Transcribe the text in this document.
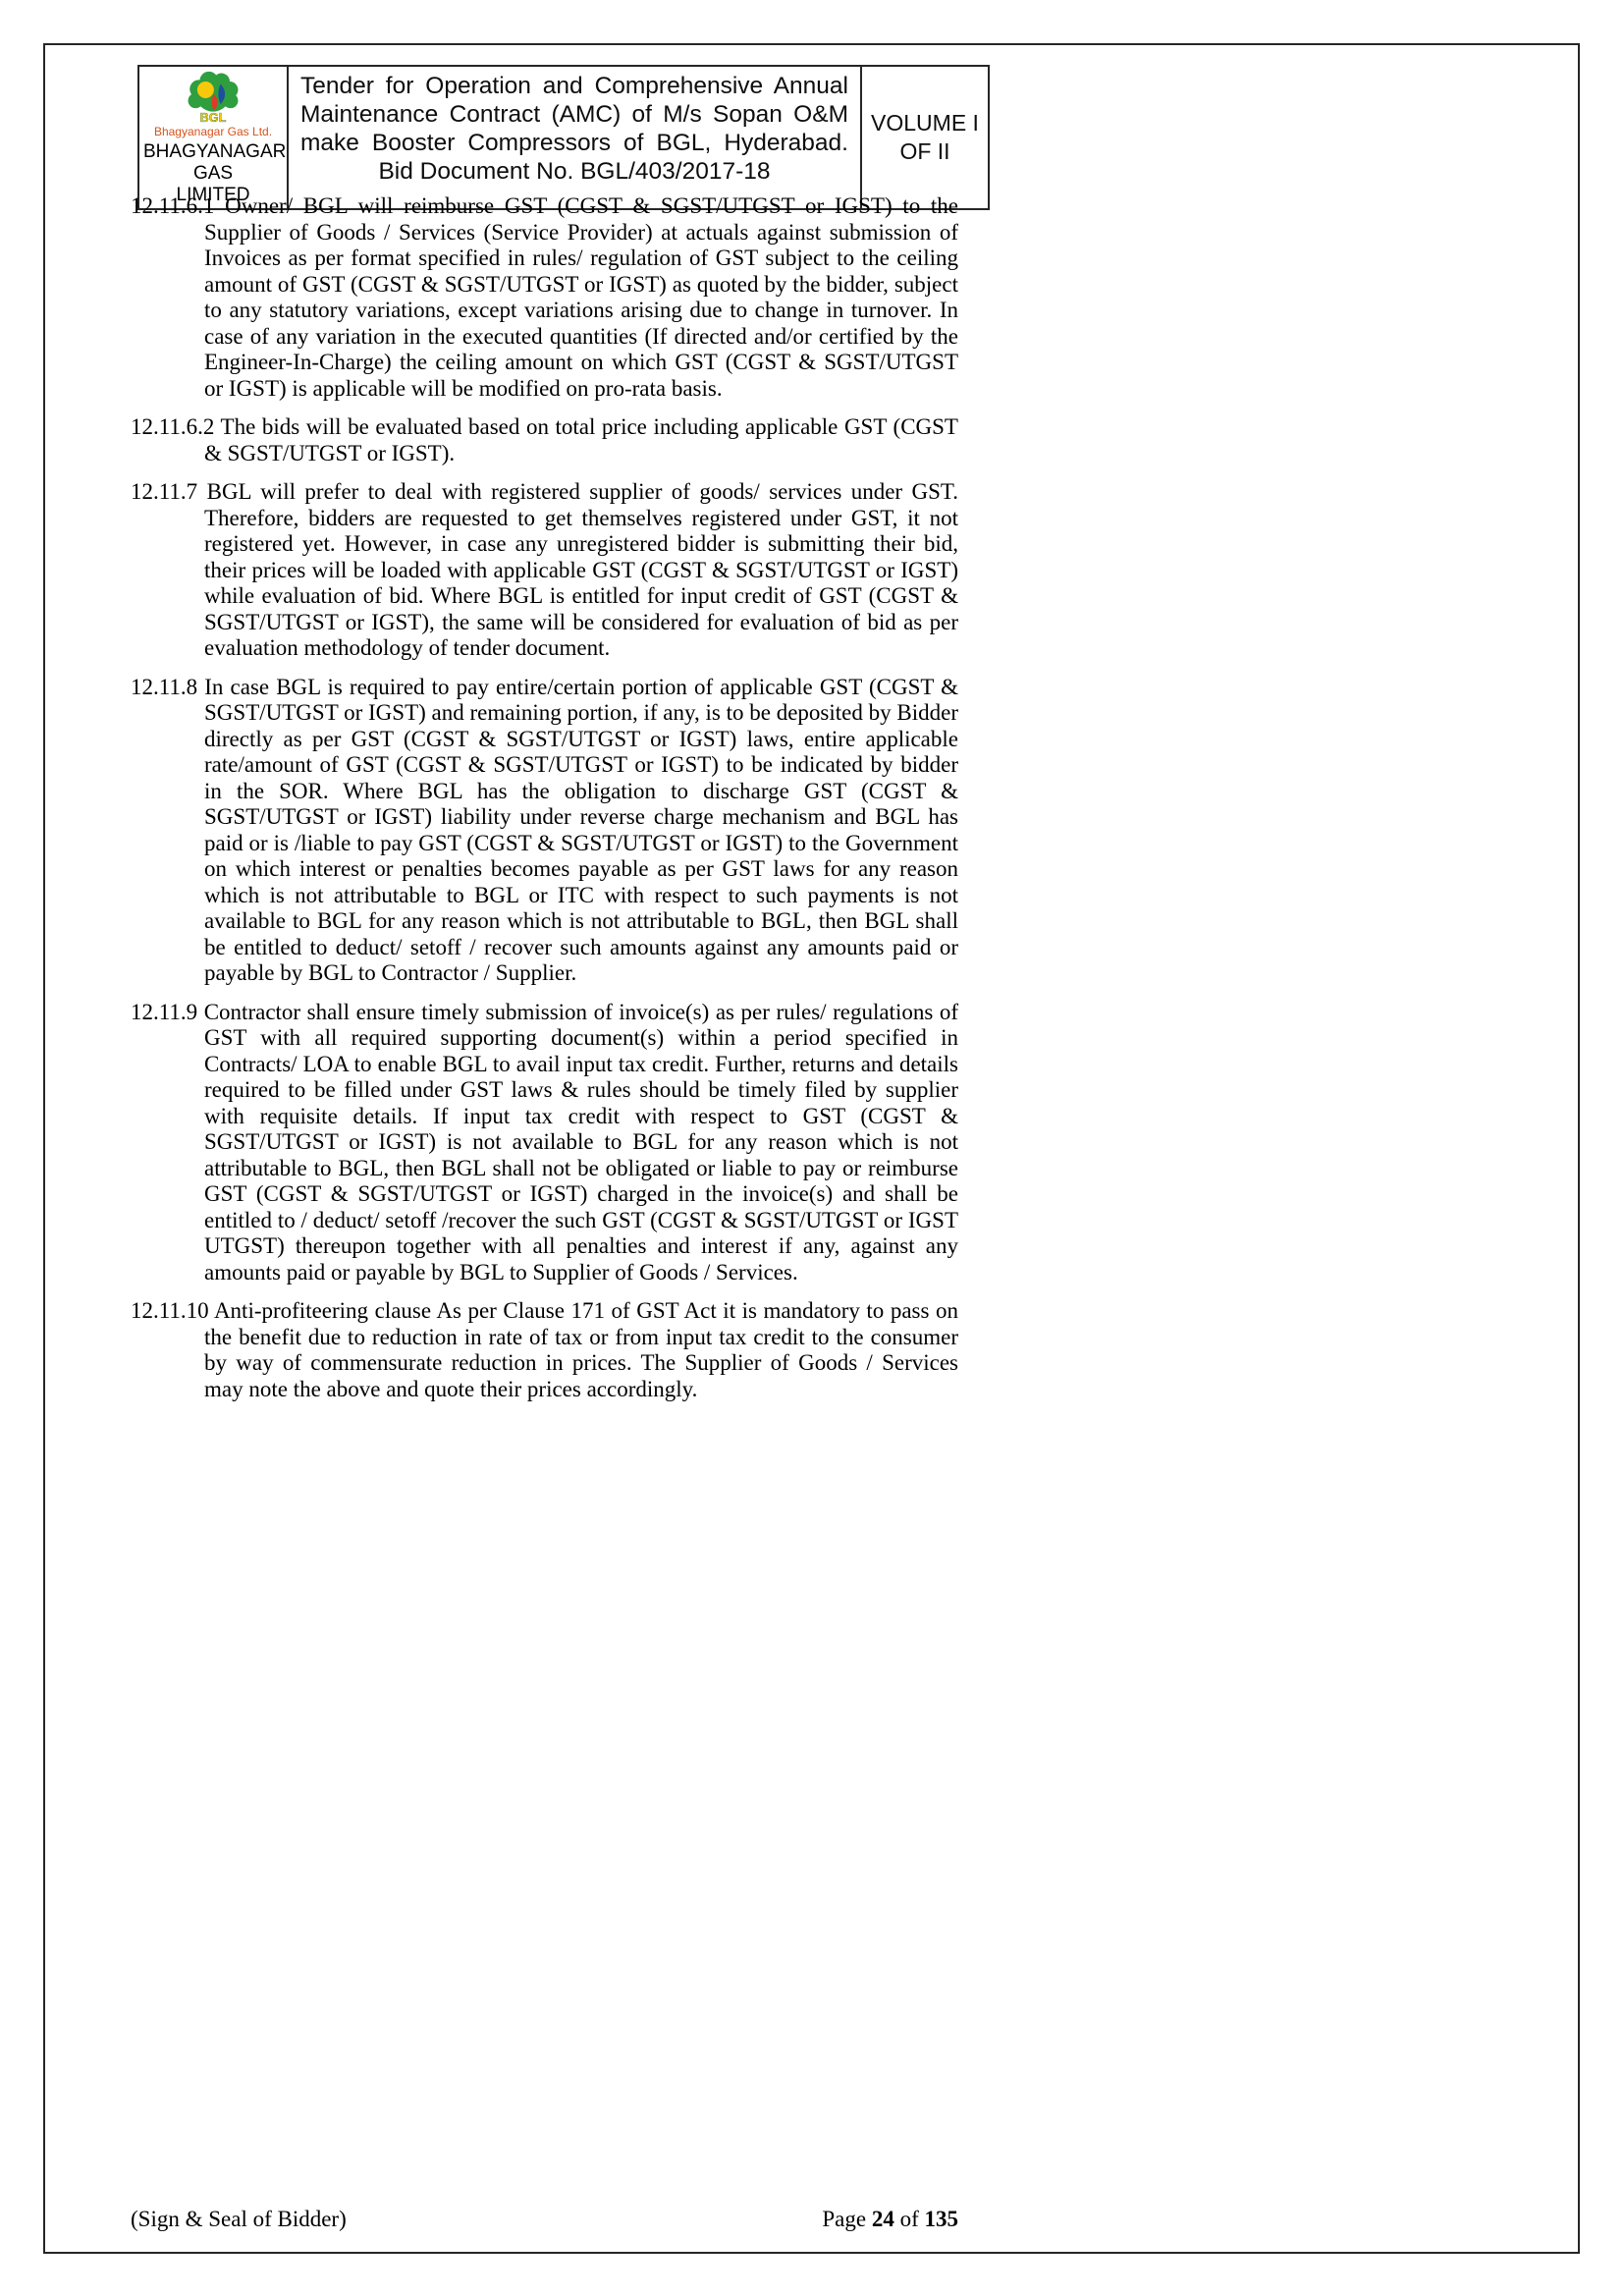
BGL
Bhagyanagar Gas Ltd.
BHAGYANAGAR GAS
LIMITED
Tender for Operation and Comprehensive Annual Maintenance Contract (AMC) of M/s Sopan O&M make Booster Compressors of BGL, Hyderabad.
Bid Document No. BGL/403/2017-18
VOLUME I
OF II

12.11.6.1 Owner/ BGL will reimburse GST (CGST & SGST/UTGST or IGST) to the Supplier of Goods / Services (Service Provider) at actuals against submission of Invoices as per format specified in rules/ regulation of GST subject to the ceiling amount of GST (CGST & SGST/UTGST or IGST) as quoted by the bidder, subject to any statutory variations, except variations arising due to change in turnover. In case of any variation in the executed quantities (If directed and/or certified by the Engineer-In-Charge) the ceiling amount on which GST (CGST & SGST/UTGST or IGST) is applicable will be modified on pro-rata basis.

12.11.6.2 The bids will be evaluated based on total price including applicable GST (CGST & SGST/UTGST or IGST).

12.11.7 BGL will prefer to deal with registered supplier of goods/ services under GST. Therefore, bidders are requested to get themselves registered under GST, it not registered yet. However, in case any unregistered bidder is submitting their bid, their prices will be loaded with applicable GST (CGST & SGST/UTGST or IGST) while evaluation of bid. Where BGL is entitled for input credit of GST (CGST & SGST/UTGST or IGST), the same will be considered for evaluation of bid as per evaluation methodology of tender document.

12.11.8 In case BGL is required to pay entire/certain portion of applicable GST (CGST & SGST/UTGST or IGST) and remaining portion, if any, is to be deposited by Bidder directly as per GST (CGST & SGST/UTGST or IGST) laws, entire applicable rate/amount of GST (CGST & SGST/UTGST or IGST) to be indicated by bidder in the SOR. Where BGL has the obligation to discharge GST (CGST & SGST/UTGST or IGST) liability under reverse charge mechanism and BGL has paid or is /liable to pay GST (CGST & SGST/UTGST or IGST) to the Government on which interest or penalties becomes payable as per GST laws for any reason which is not attributable to BGL or ITC with respect to such payments is not available to BGL for any reason which is not attributable to BGL, then BGL shall be entitled to deduct/ setoff / recover such amounts against any amounts paid or payable by BGL to Contractor / Supplier.

12.11.9 Contractor shall ensure timely submission of invoice(s) as per rules/ regulations of GST with all required supporting document(s) within a period specified in Contracts/ LOA to enable BGL to avail input tax credit. Further, returns and details required to be filled under GST laws & rules should be timely filed by supplier with requisite details. If input tax credit with respect to GST (CGST & SGST/UTGST or IGST) is not available to BGL for any reason which is not attributable to BGL, then BGL shall not be obligated or liable to pay or reimburse GST (CGST & SGST/UTGST or IGST) charged in the invoice(s) and shall be entitled to / deduct/ setoff /recover the such GST (CGST & SGST/UTGST or IGST UTGST) thereupon together with all penalties and interest if any, against any amounts paid or payable by BGL to Supplier of Goods / Services.

12.11.10 Anti-profiteering clause As per Clause 171 of GST Act it is mandatory to pass on the benefit due to reduction in rate of tax or from input tax credit to the consumer by way of commensurate reduction in prices. The Supplier of Goods / Services may note the above and quote their prices accordingly.

(Sign & Seal of Bidder)	Page 24 of 135
